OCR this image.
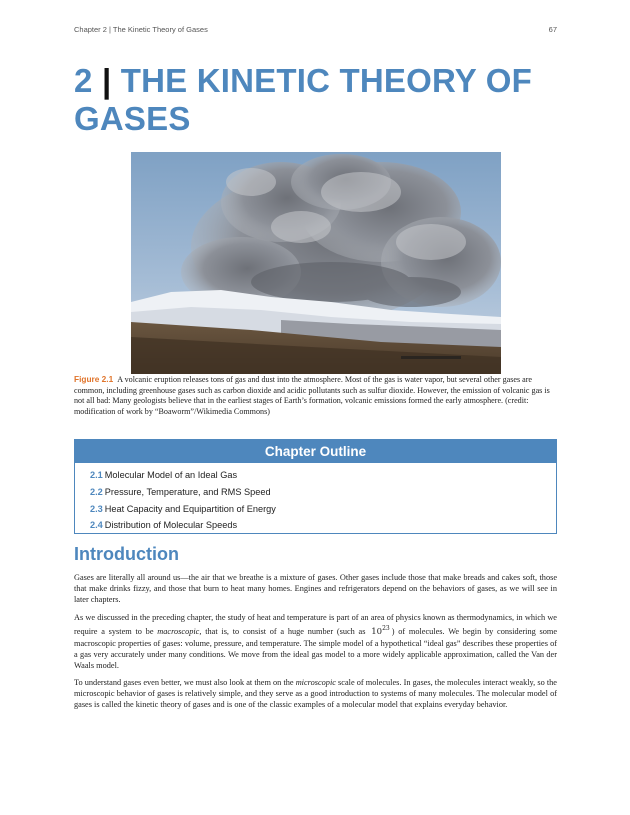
Chapter 2 | The Kinetic Theory of Gases	67
2 | THE KINETIC THEORY OF GASES
Figure 2.1 A volcanic eruption releases tons of gas and dust into the atmosphere. Most of the gas is water vapor, but several other gases are common, including greenhouse gases such as carbon dioxide and acidic pollutants such as sulfur dioxide. However, the emission of volcanic gas is not all bad: Many geologists believe that in the earliest stages of Earth’s formation, volcanic emissions formed the early atmosphere. (credit: modification of work by “Boaworm”/Wikimedia Commons)
Chapter Outline
2.1 Molecular Model of an Ideal Gas
2.2 Pressure, Temperature, and RMS Speed
2.3 Heat Capacity and Equipartition of Energy
2.4 Distribution of Molecular Speeds
Introduction

Gases are literally all around us—the air that we breathe is a mixture of gases. Other gases include those that make breads and cakes soft, those that make drinks fizzy, and those that burn to heat many homes. Engines and refrigerators depend on the behaviors of gases, as we will see in later chapters.

As we discussed in the preceding chapter, the study of heat and temperature is part of an area of physics known as thermodynamics, in which we require a system to be macroscopic, that is, to consist of a huge number (such as $10^{23}$ ) of molecules. We begin by considering some macroscopic properties of gases: volume, pressure, and temperature. The simple model of a hypothetical “ideal gas” describes these properties of a gas very accurately under many conditions. We move from the ideal gas model to a more widely applicable approximation, called the Van der Waals model.

To understand gases even better, we must also look at them on the microscopic scale of molecules. In gases, the molecules interact weakly, so the microscopic behavior of gases is relatively simple, and they serve as a good introduction to systems of many molecules. The molecular model of gases is called the kinetic theory of gases and is one of the classic examples of a molecular model that explains everyday behavior.
